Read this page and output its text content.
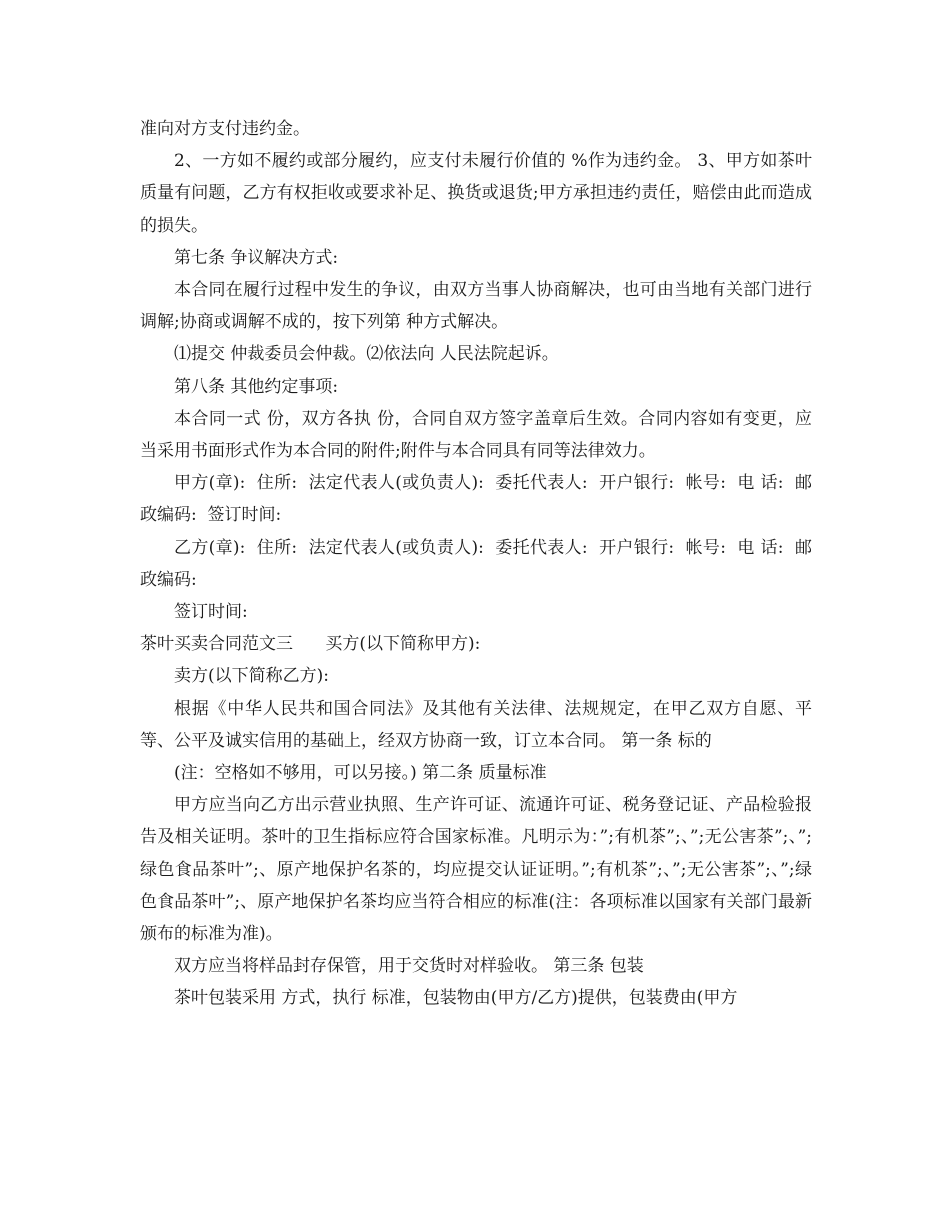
准向对方支付违约金。

2、一方如不履约或部分履约，应支付未履行价值的 %作为违约金。 3、甲方如茶叶质量有问题，乙方有权拒收或要求补足、换货或退货;甲方承担违约责任，赔偿由此而造成的损失。

第七条 争议解决方式:

本合同在履行过程中发生的争议，由双方当事人协商解决，也可由当地有关部门进行调解;协商或调解不成的，按下列第 种方式解决。

⑴提交 仲裁委员会仲裁。⑵依法向 人民法院起诉。

第八条 其他约定事项:

本合同一式 份，双方各执 份，合同自双方签字盖章后生效。合同内容如有变更，应当采用书面形式作为本合同的附件;附件与本合同具有同等法律效力。

甲方(章):  住所:  法定代表人(或负责人):  委托代表人:  开户银行:  帐号:  电 话:  邮政编码:  签订时间:

乙方(章):  住所:  法定代表人(或负责人):  委托代表人:  开户银行:  帐号:  电 话:  邮政编码:

签订时间:

茶叶买卖合同范文三      买方(以下简称甲方):

卖方(以下简称乙方):

根据《中华人民共和国合同法》及其他有关法律、法规规定，在甲乙双方自愿、平等、公平及诚实信用的基础上，经双方协商一致，订立本合同。 第一条 标的

(注：空格如不够用，可以另接。) 第二条 质量标准

甲方应当向乙方出示营业执照、生产许可证、流通许可证、税务登记证、产品检验报告及相关证明。茶叶的卫生指标应符合国家标准。凡明示为：”;有机茶”;、”;无公害茶”;、”;绿色食品茶叶”;、原产地保护名茶的，均应提交认证证明。”;有机茶”;、”;无公害茶”;、”;绿色食品茶叶”;、原产地保护名茶均应当符合相应的标准(注：各项标准以国家有关部门最新颁布的标准为准)。

双方应当将样品封存保管，用于交货时对样验收。 第三条 包装

茶叶包装采用 方式，执行 标准，包装物由(甲方/乙方)提供，包装费由(甲方
